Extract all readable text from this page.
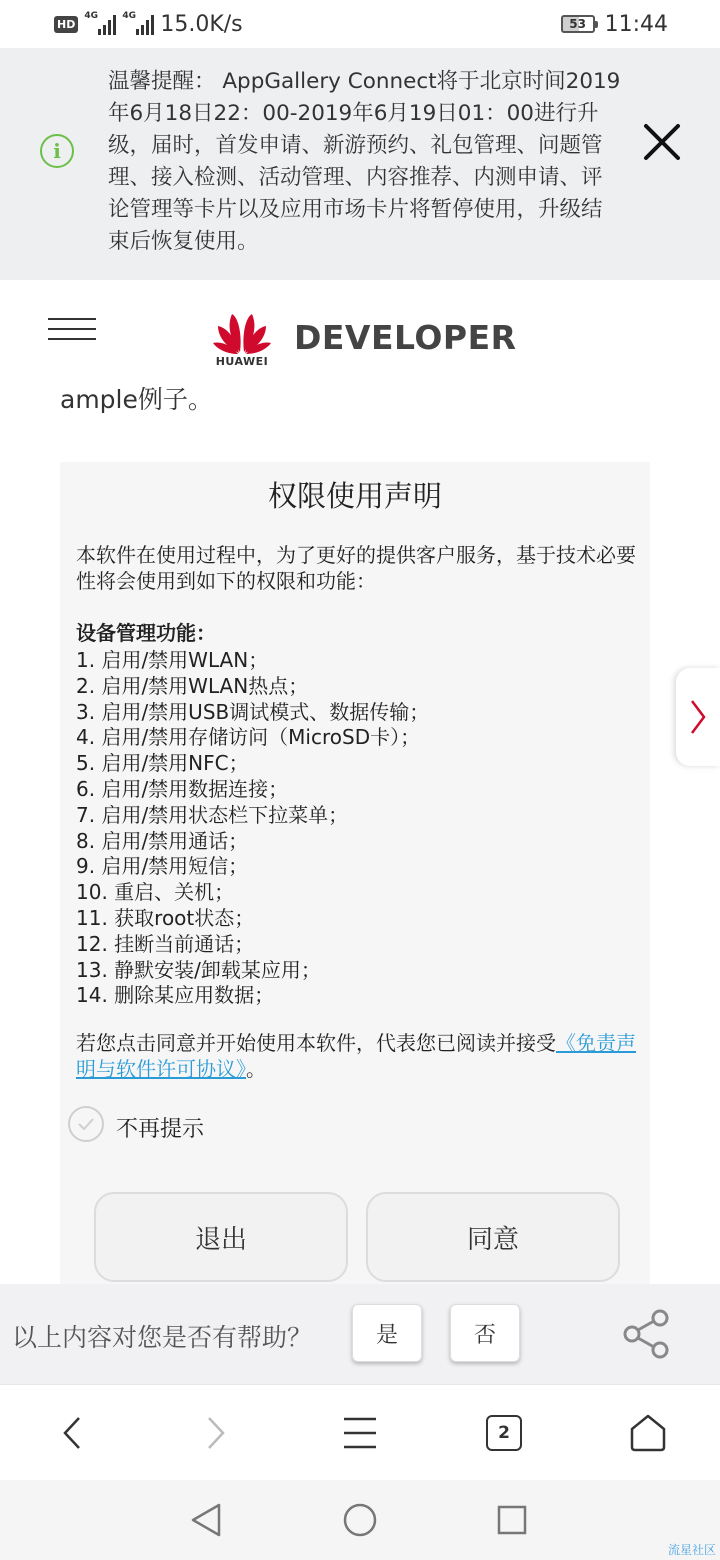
HD
4G	4G 15.0K/s	53 11:44
i
温馨提醒： AppGallery Connect将于北京时间2019年6月18日22：00-2019年6月19日01：00进行升级，届时，首发申请、新游预约、礼包管理、问题管理、接入检测、活动管理、内容推荐、内测申请、评论管理等卡片以及应用市场卡片将暂停使用，升级结束后恢复使用。
HUAWEI
DEVELOPER
ample例子。
权限使用声明
本软件在使用过程中，为了更好的提供客户服务，基于技术必要性将会使用到如下的权限和功能：
设备管理功能：
1. 启用/禁用WLAN；
2. 启用/禁用WLAN热点；
3. 启用/禁用USB调试模式、数据传输；
4. 启用/禁用存储访问（MicroSD卡）；
5. 启用/禁用NFC；
6. 启用/禁用数据连接；
7. 启用/禁用状态栏下拉菜单；
8. 启用/禁用通话；
9. 启用/禁用短信；
10. 重启、关机；
11. 获取root状态；
12. 挂断当前通话；
13. 静默安装/卸载某应用；
14. 删除某应用数据；
若您点击同意并开始使用本软件，代表您已阅读并接受《免责声明与软件许可协议》。
不再提示
退出	同意
以上内容对您是否有帮助？	是	否
2
流星社区
